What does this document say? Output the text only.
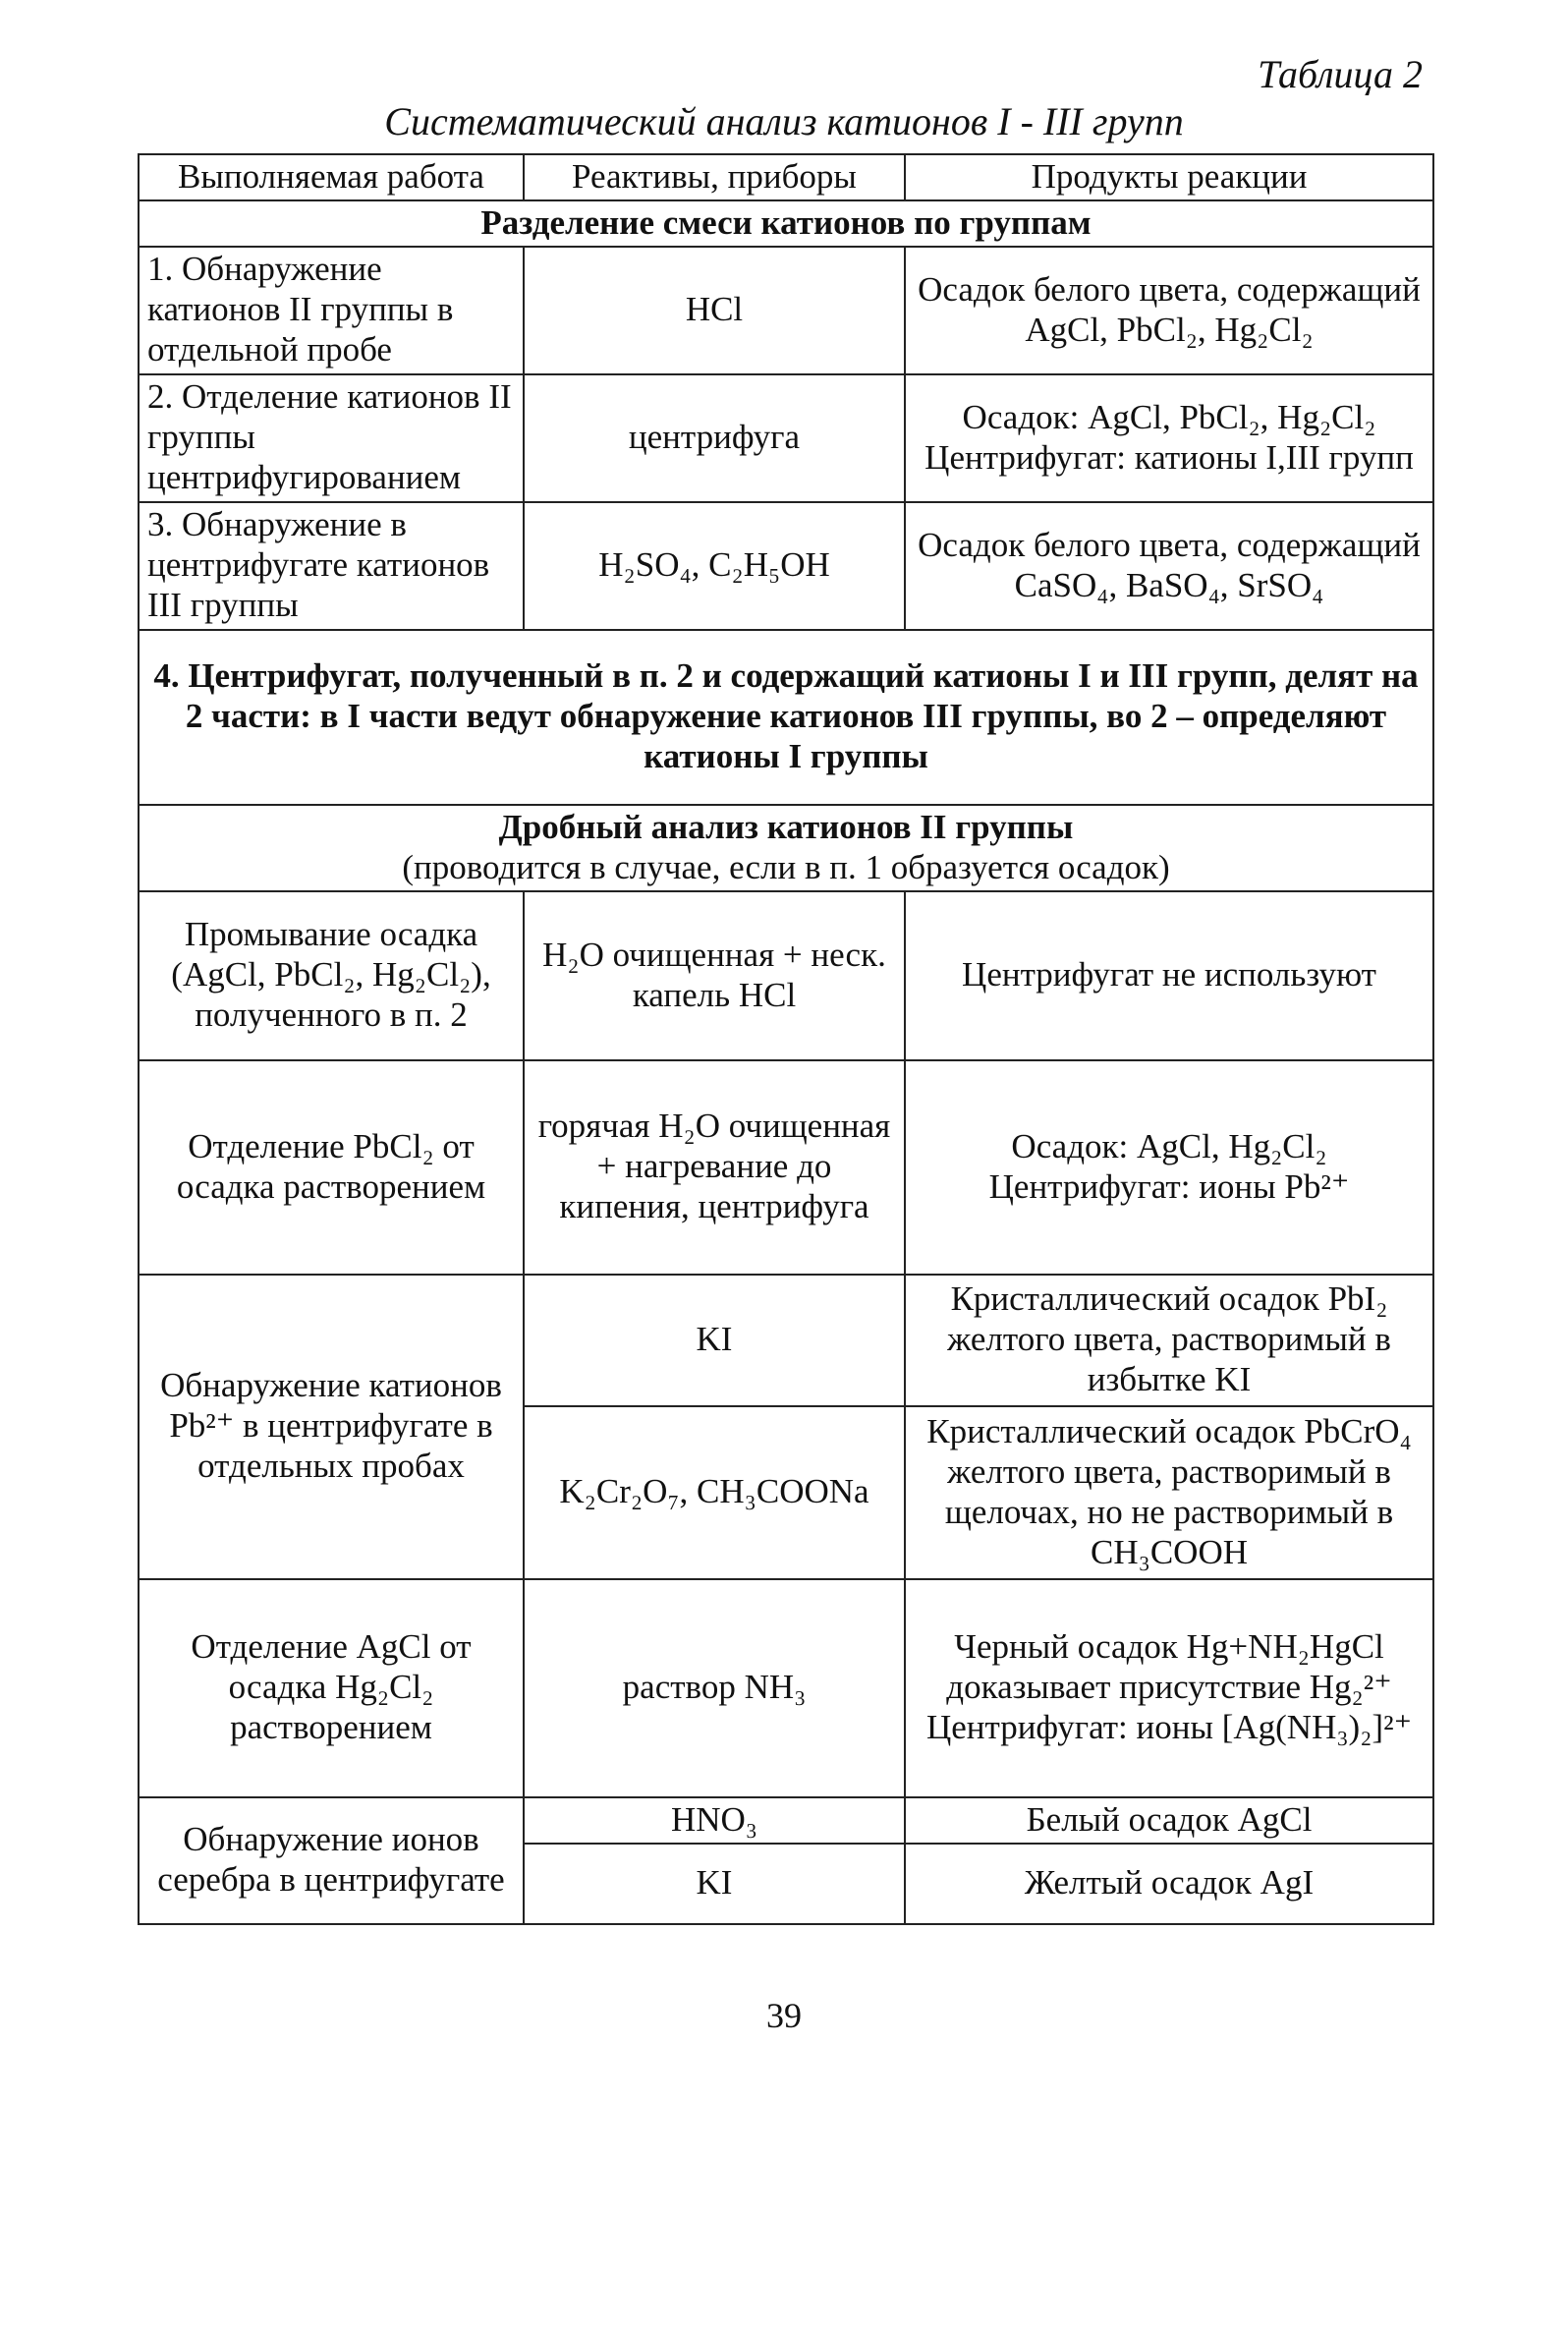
Таблица 2
Систематический анализ катионов I - III групп
Выполняемая работа	Реактивы, приборы	Продукты реакции
Разделение смеси катионов по группам		
1. Обнаружение катионов II группы в отдельной пробе	HCl	Осадок белого цвета, содержащий AgCl, PbCl₂, Hg₂Cl₂
2. Отделение катионов II группы центрифугированием	центрифуга	Осадок: AgCl, PbCl₂, Hg₂Cl₂ Центрифугат: катионы I,III групп
3. Обнаружение в центрифугате катионов III группы	H₂SO₄, C₂H₅OH	Осадок белого цвета, содержащий CaSO₄, BaSO₄, SrSO₄
4. Центрифугат, полученный в п. 2 и содержащий катионы I и III групп, делят на 2 части: в I части ведут обнаружение катионов III группы, во 2 – определяют катионы I группы		

Дробный анализ катионов II группы
(проводится в случае, если в п. 1 образуется осадок)		

Промывание осадка (AgCl, PbCl₂, Hg₂Cl₂), полученного в п. 2	H₂O очищенная + неск. капель HCl	Центрифугат не используют
Отделение PbCl₂ от осадка растворением	горячая H₂O очищенная + нагревание до кипения, центрифуга	Осадок: AgCl, Hg₂Cl₂ Центрифугат: ионы Pb²⁺
Обнаружение катионов Pb²⁺ в центрифугате в отдельных пробах	KI	Кристаллический осадок PbI₂ желтого цвета, растворимый в избытке KI
	K₂Cr₂O₇, CH₃COONa	Кристаллический осадок PbCrO₄ желтого цвета, растворимый в щелочах, но не растворимый в CH₃COOH
Отделение AgCl от осадка Hg₂Cl₂ растворением	раствор NH₃	Черный осадок Hg+NH₂HgCl доказывает присутствие Hg₂²⁺ Центрифугат: ионы [Ag(NH₃)₂]²⁺
Обнаружение ионов серебра в центрифугате	HNO₃	Белый осадок AgCl
	KI	Желтый осадок AgI
39
